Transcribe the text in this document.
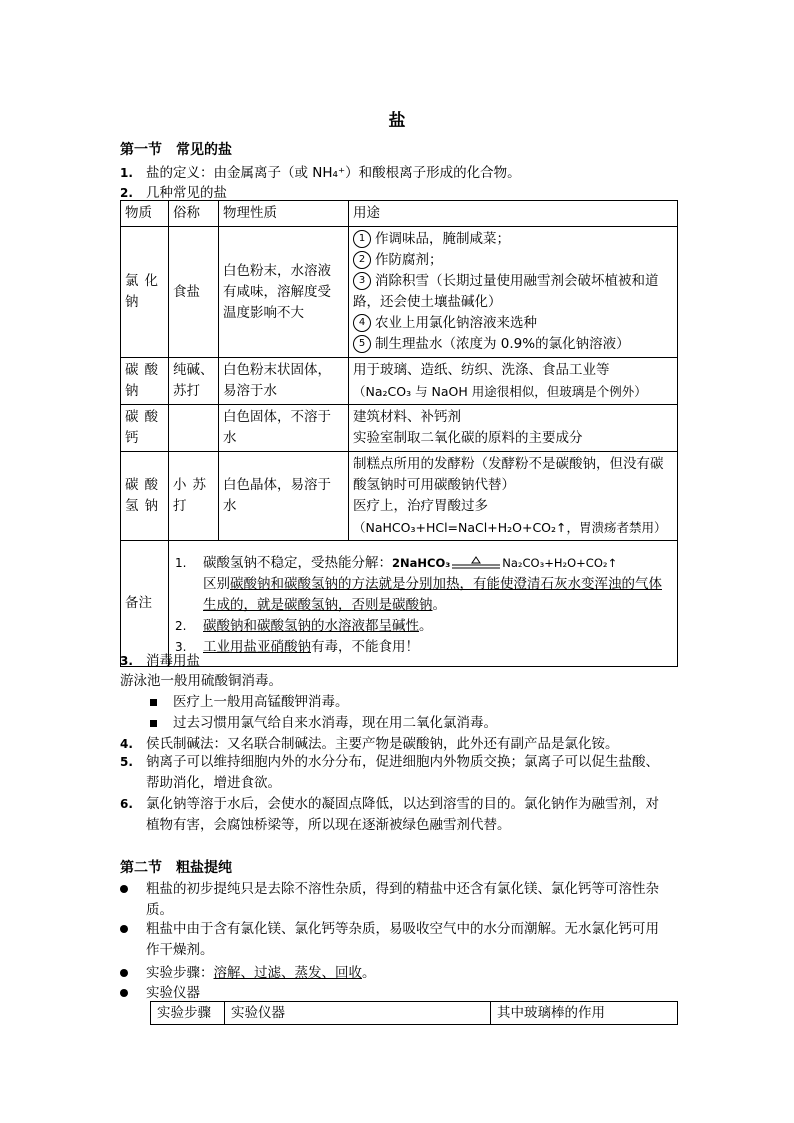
盐
第一节　常见的盐
1. 盐的定义：由金属离子（或 NH₄⁺）和酸根离子形成的化合物。
2. 几种常见的盐
物质	俗称	物理性质	用途
氯化钠	食盐	白色粉末，水溶液有咸味，溶解度受温度影响不大	1 作调味品，腌制咸菜；
2 作防腐剂；
3 消除积雪（长期过量使用融雪剂会破坏植被和道路，还会使土壤盐碱化）
4 农业上用氯化钠溶液来选种
5 制生理盐水（浓度为 0.9%的氯化钠溶液）

碳酸钠	纯碱、苏打	白色粉末状固体，易溶于水	用于玻璃、造纸、纺织、洗涤、食品工业等
（Na₂CO₃ 与 NaOH 用途很相似，但玻璃是个例外）

碳酸钙		白色固体，不溶于水	建筑材料、补钙剂
实验室制取二氧化碳的原料的主要成分

碳酸氢钠	小苏打	白色晶体，易溶于水	制糕点所用的发酵粉（发酵粉不是碳酸钠，但没有碳酸氢钠时可用碳酸钠代替）
医疗上，治疗胃酸过多
（NaHCO₃+HCl=NaCl+H₂O+CO₂↑，胃溃疡者禁用）

备注	1. 碳酸氢钠不稳定，受热能分解：2NaHCO₃ Na₂CO₃+H₂O+CO₂↑
区别碳酸钠和碳酸氢钠的方法就是分别加热，有能使澄清石灰水变浑浊的气体生成的，就是碳酸氢钠，否则是碳酸钠。
2. 碳酸钠和碳酸氢钠的水溶液都呈碱性。
3. 工业用盐亚硝酸钠有毒，不能食用！		
3. 消毒用盐
游泳池一般用硫酸铜消毒。
医疗上一般用高锰酸钾消毒。
过去习惯用氯气给自来水消毒，现在用二氧化氯消毒。
4. 侯氏制碱法：又名联合制碱法。主要产物是碳酸钠，此外还有副产品是氯化铵。
5. 钠离子可以维持细胞内外的水分分布，促进细胞内外物质交换；氯离子可以促生盐酸、
帮助消化，增进食欲。
6. 氯化钠等溶于水后，会使水的凝固点降低，以达到溶雪的目的。氯化钠作为融雪剂，对
植物有害，会腐蚀桥梁等，所以现在逐渐被绿色融雪剂代替。
第二节　粗盐提纯
粗盐的初步提纯只是去除不溶性杂质，得到的精盐中还含有氯化镁、氯化钙等可溶性杂
质。
粗盐中由于含有氯化镁、氯化钙等杂质，易吸收空气中的水分而潮解。无水氯化钙可用
作干燥剂。
实验步骤：溶解、过滤、蒸发、回收。
实验仪器
实验步骤	实验仪器	其中玻璃棒的作用
